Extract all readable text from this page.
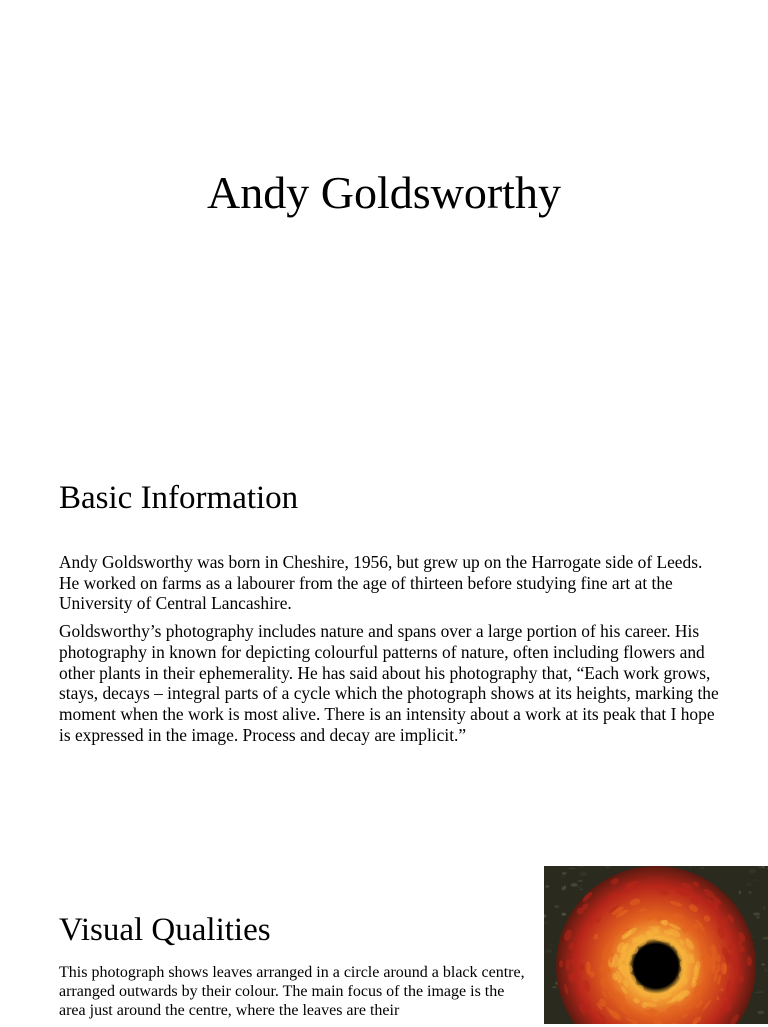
Andy Goldsworthy
Basic Information

Andy Goldsworthy was born in Cheshire, 1956, but grew up on the Harrogate side of Leeds. He worked on farms as a labourer from the age of thirteen before studying fine art at the University of Central Lancashire.

Goldsworthy’s photography includes nature and spans over a large portion of his career. His photography in known for depicting colourful patterns of nature, often including flowers and other plants in their ephemerality. He has said about his photography that, “Each work grows, stays, decays – integral parts of a cycle which the photograph shows at its heights, marking the moment when the work is most alive. There is an intensity about a work at its peak that I hope is expressed in the image. Process and decay are implicit.”

Visual Qualities

This photograph shows leaves arranged in a circle around a black centre, arranged outwards by their colour. The main focus of the image is the area just around the centre, where the leaves are their
